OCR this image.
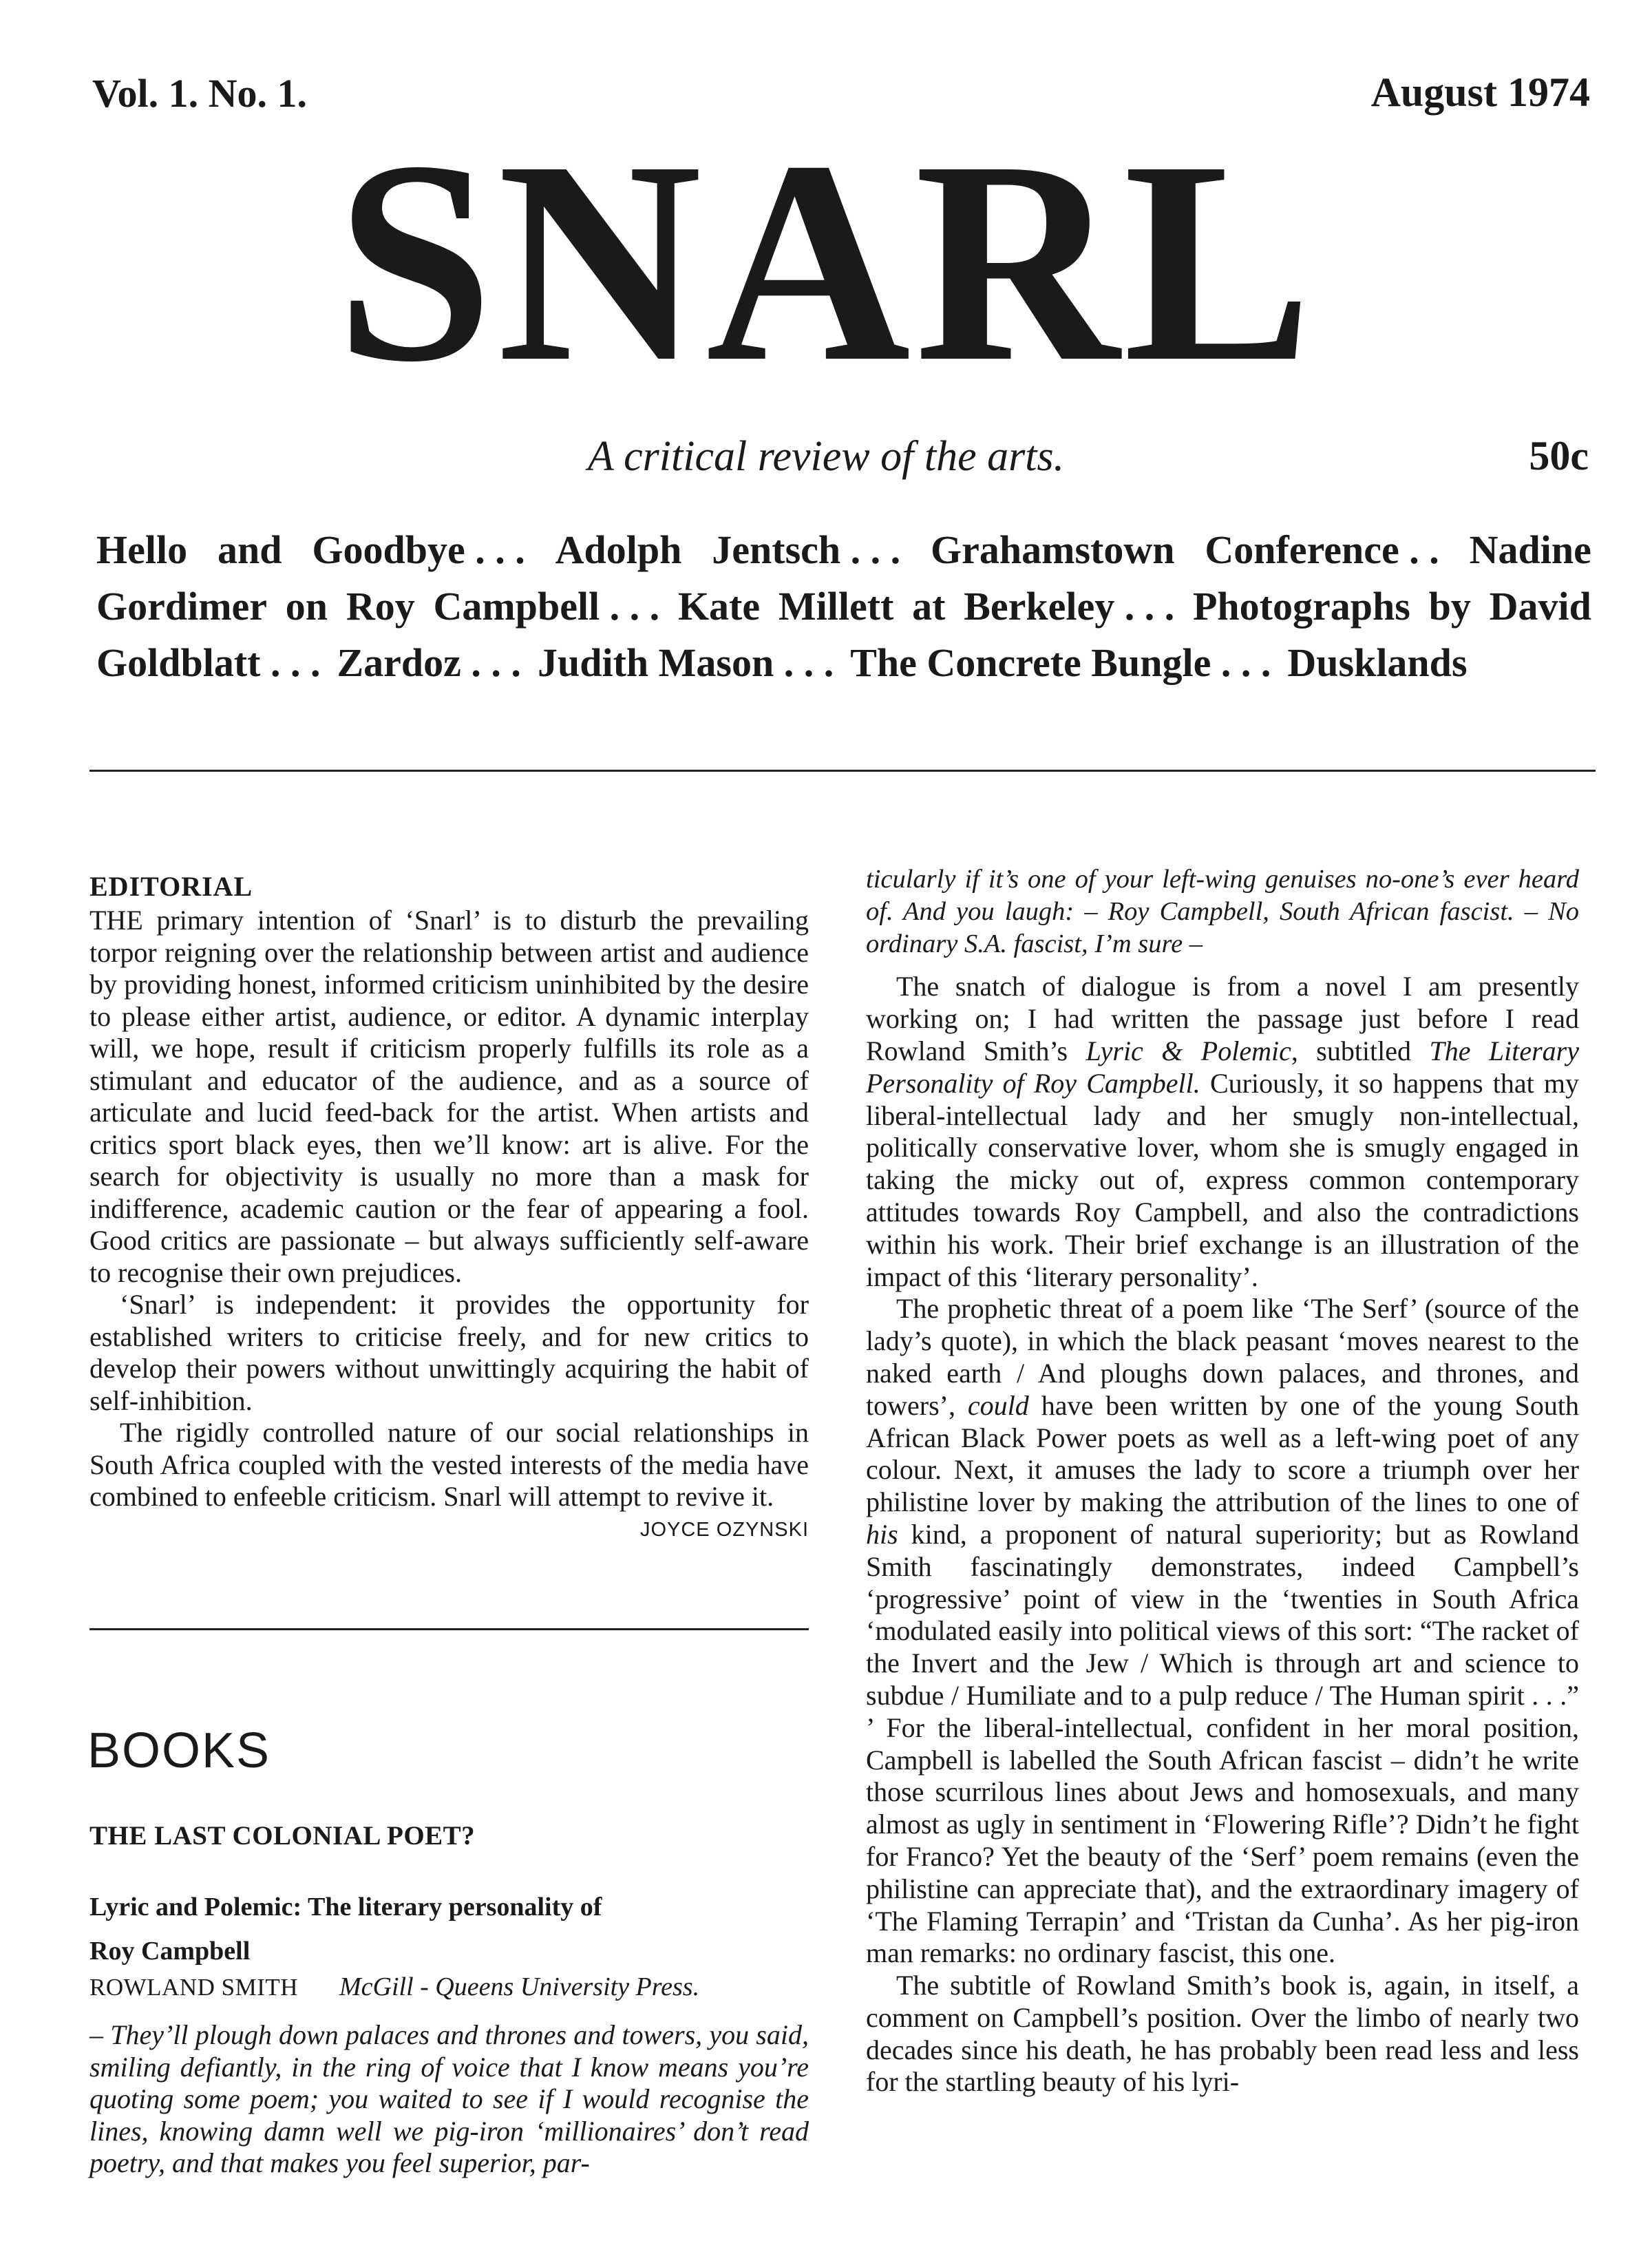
Vol. 1. No. 1.	August 1974
SNARL
A critical review of the arts.	50c
Hello and Goodbye . . . Adolph Jentsch . . . Grahamstown Conference . . Nadine
Gordimer on Roy Campbell . . . Kate Millett at Berkeley . . . Photographs by David
Goldblatt . . . Zardoz . . . Judith Mason . . . The Concrete Bungle . . . Dusklands
EDITORIAL

THE primary intention of ‘Snarl’ is to disturb the prevailing torpor reigning over the relationship between artist and audience by providing honest, informed criticism uninhibited by the desire to please either artist, audience, or editor. A dynamic interplay will, we hope, result if criticism properly fulfills its role as a stimulant and educator of the audience, and as a source of articulate and lucid feed-back for the artist. When artists and critics sport black eyes, then we’ll know: art is alive. For the search for objectivity is usually no more than a mask for indifference, academic caution or the fear of appearing a fool. Good critics are passionate – but always sufficiently self-aware to recognise their own prejudices.

‘Snarl’ is independent: it provides the opportunity for established writers to criticise freely, and for new critics to develop their powers without unwittingly acquiring the habit of self-inhibition.

The rigidly controlled nature of our social relationships in South Africa coupled with the vested interests of the media have combined to enfeeble criticism. Snarl will attempt to revive it.

JOYCE OZYNSKI
BOOKS
THE LAST COLONIAL POET?
Lyric and Polemic: The literary personality of
Roy Campbell
ROWLAND SMITH McGill - Queens University Press.

– They’ll plough down palaces and thrones and towers, you said, smiling defiantly, in the ring of voice that I know means you’re quoting some poem; you waited to see if I would recognise the lines, knowing damn well we pig-iron ‘millionaires’ don’t read poetry, and that makes you feel superior, par-

ticularly if it’s one of your left-wing genuises no-one’s ever heard of. And you laugh: – Roy Campbell, South African fascist. – No ordinary S.A. fascist, I’m sure –

The snatch of dialogue is from a novel I am presently working on; I had written the passage just before I read Rowland Smith’s Lyric & Polemic, subtitled The Literary Personality of Roy Campbell. Curiously, it so happens that my liberal-intellectual lady and her smugly non-intellectual, politically conservative lover, whom she is smugly engaged in taking the micky out of, express common contemporary attitudes towards Roy Campbell, and also the contradictions within his work. Their brief exchange is an illustration of the impact of this ‘literary personality’.

The prophetic threat of a poem like ‘The Serf’ (source of the lady’s quote), in which the black peasant ‘moves nearest to the naked earth / And ploughs down palaces, and thrones, and towers’, could have been written by one of the young South African Black Power poets as well as a left-wing poet of any colour. Next, it amuses the lady to score a triumph over her philistine lover by making the attribution of the lines to one of his kind, a proponent of natural superiority; but as Rowland Smith fascinatingly demonstrates, indeed Campbell’s ‘progressive’ point of view in the ‘twenties in South Africa ‘modulated easily into political views of this sort: “The racket of the Invert and the Jew / Which is through art and science to subdue / Humiliate and to a pulp reduce / The Human spirit . . .” ’ For the liberal-intellectual, confident in her moral position, Campbell is labelled the South African fascist – didn’t he write those scurrilous lines about Jews and homosexuals, and many almost as ugly in sentiment in ‘Flowering Rifle’? Didn’t he fight for Franco? Yet the beauty of the ‘Serf’ poem remains (even the philistine can appreciate that), and the extraordinary imagery of ‘The Flaming Terrapin’ and ‘Tristan da Cunha’. As her pig-iron man remarks: no ordinary fascist, this one.

The subtitle of Rowland Smith’s book is, again, in itself, a comment on Campbell’s position. Over the limbo of nearly two decades since his death, he has probably been read less and less for the startling beauty of his lyri-
